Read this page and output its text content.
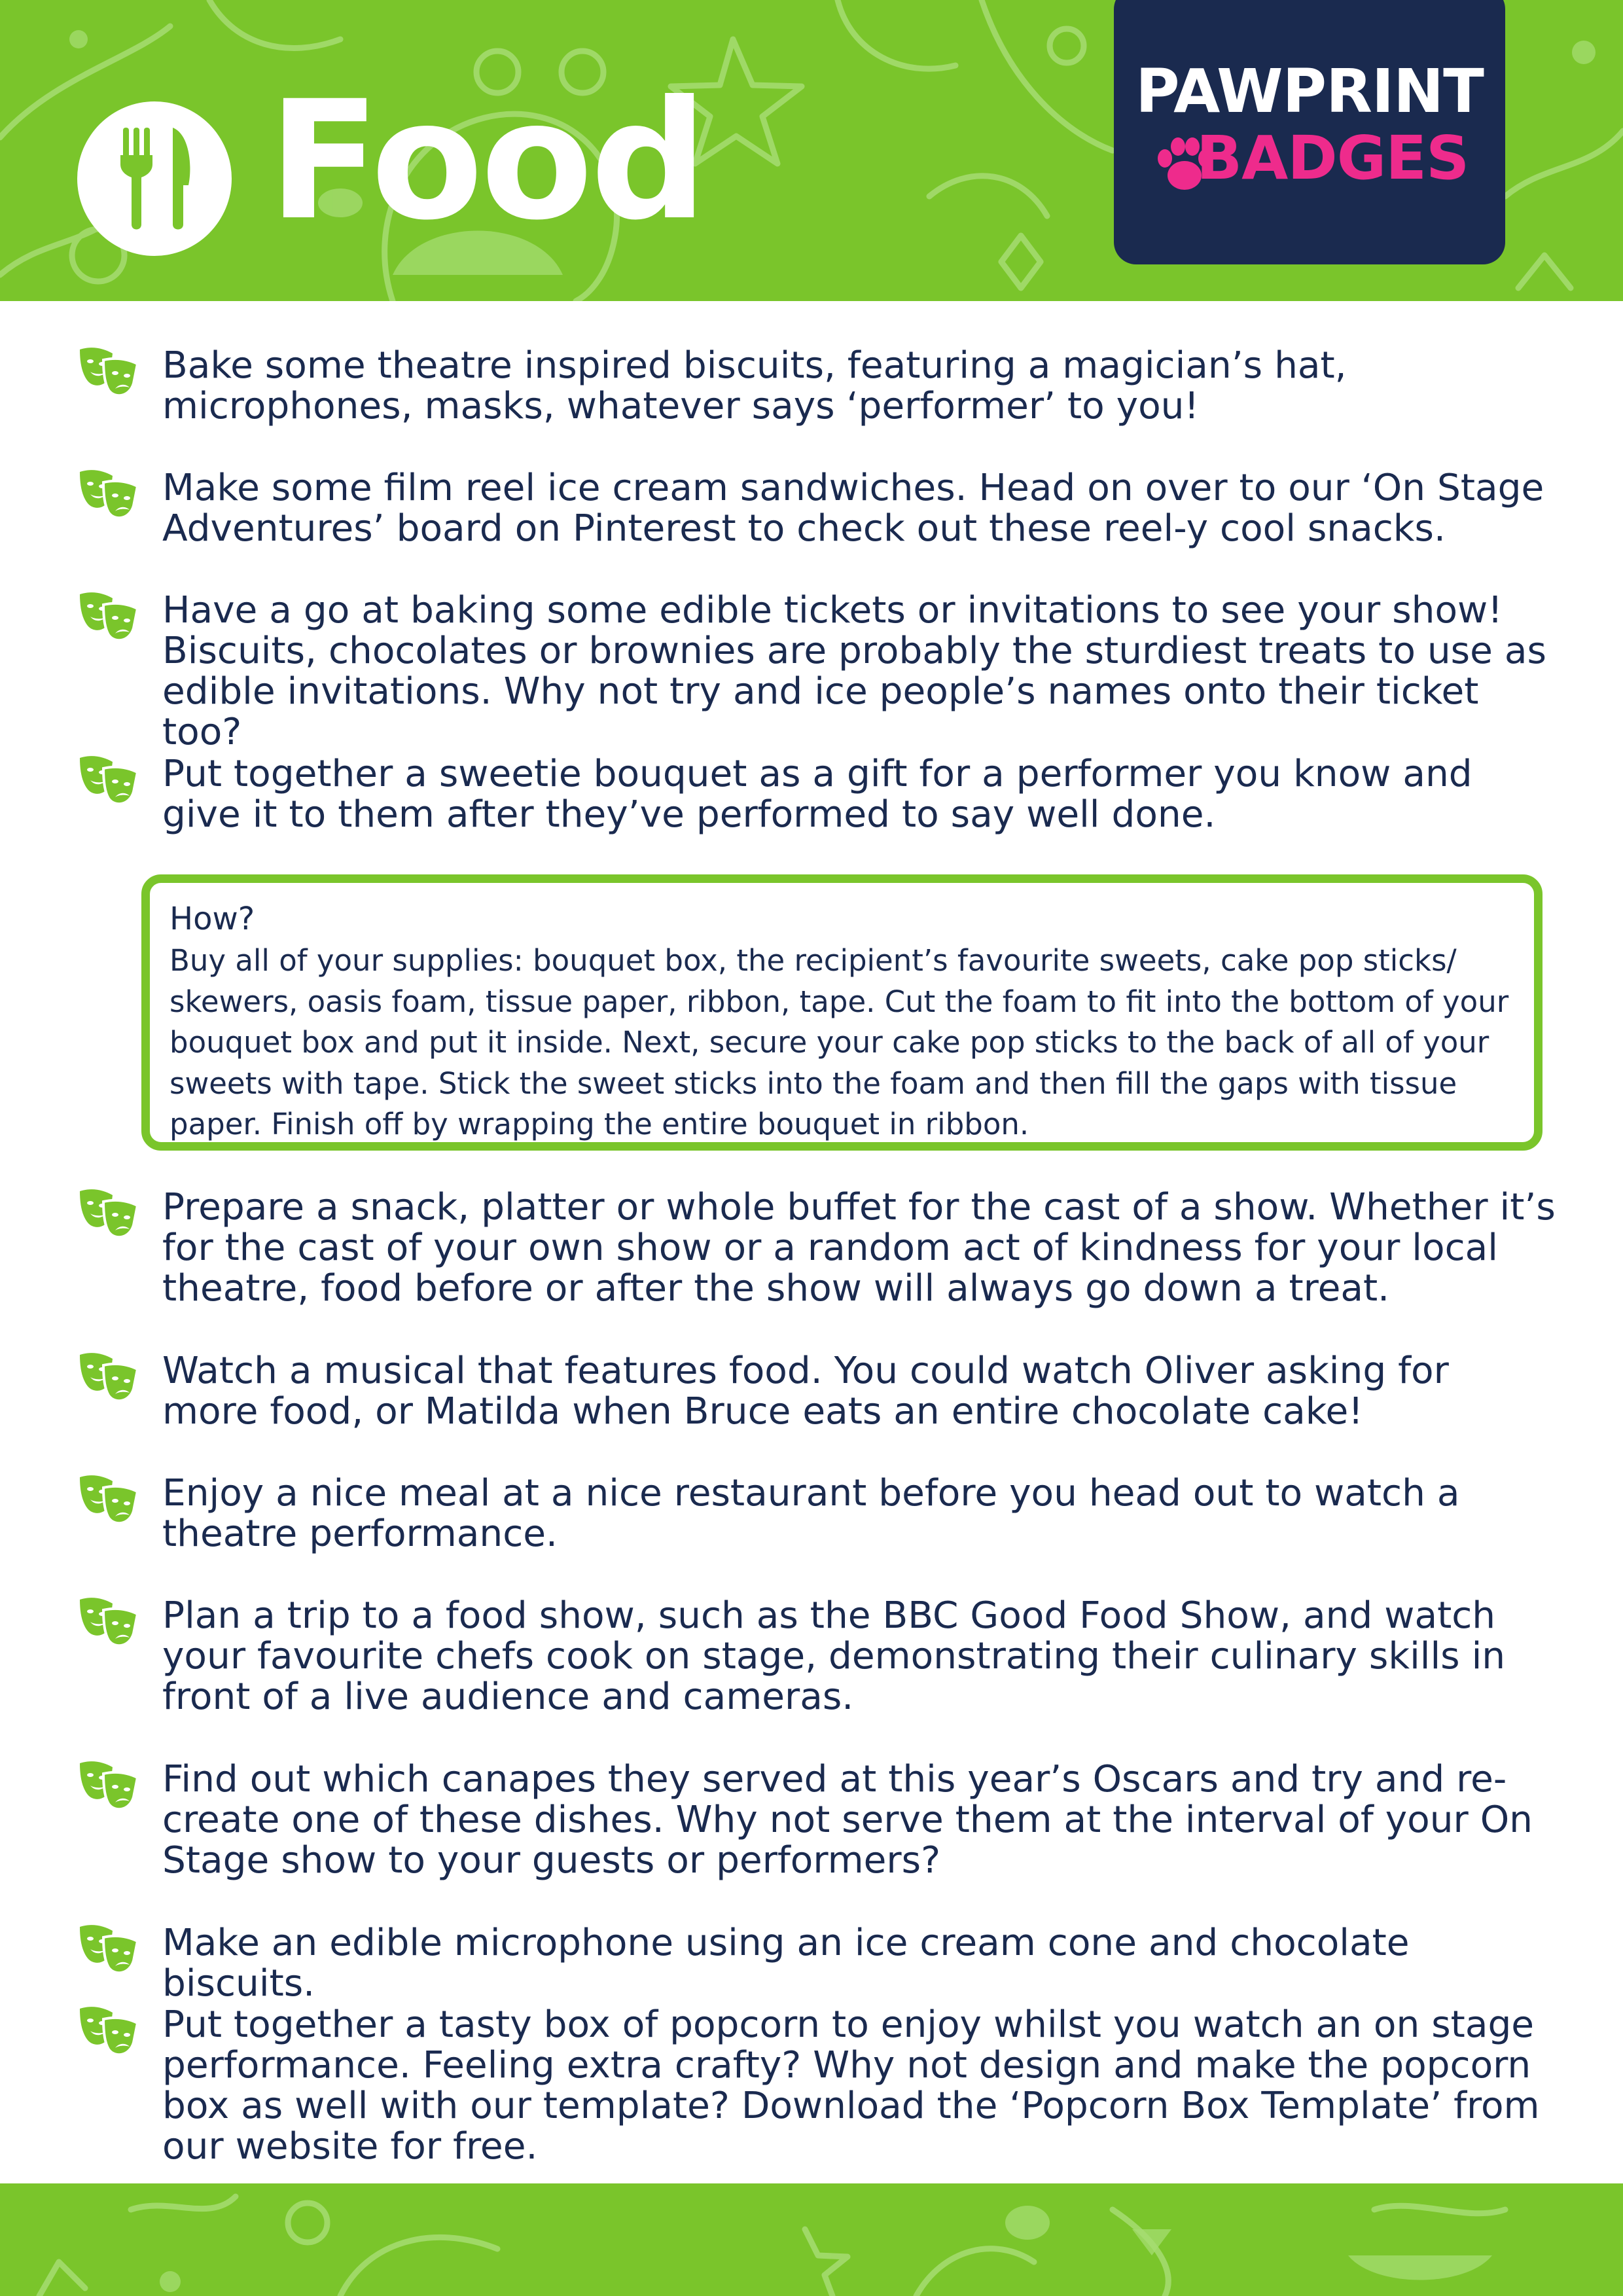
Food	PAWPRINT
BADGES
Bake some theatre inspired biscuits, featuring a magician’s hat, microphones, masks, whatever says ‘performer’ to you!
Make some film reel ice cream sandwiches. Head on over to our ‘On Stage Adventures’ board on Pinterest to check out these reel-y cool snacks.
Have a go at baking some edible tickets or invitations to see your show! Biscuits, chocolates or brownies are probably the sturdiest treats to use as edible invitations. Why not try and ice people’s names onto their ticket too?
Put together a sweetie bouquet as a gift for a performer you know and give it to them after they’ve performed to say well done.
How?
Buy all of your supplies: bouquet box, the recipient’s favourite sweets, cake pop sticks/ skewers, oasis foam, tissue paper, ribbon, tape. Cut the foam to fit into the bottom of your bouquet box and put it inside. Next, secure your cake pop sticks to the back of all of your sweets with tape. Stick the sweet sticks into the foam and then fill the gaps with tissue paper. Finish off by wrapping the entire bouquet in ribbon.
Prepare a snack, platter or whole buffet for the cast of a show. Whether it’s for the cast of your own show or a random act of kindness for your local theatre, food before or after the show will always go down a treat.
Watch a musical that features food. You could watch Oliver asking for more food, or Matilda when Bruce eats an entire chocolate cake!
Enjoy a nice meal at a nice restaurant before you head out to watch a theatre performance.
Plan a trip to a food show, such as the BBC Good Food Show, and watch your favourite chefs cook on stage, demonstrating their culinary skills in front of a live audience and cameras.
Find out which canapes they served at this year’s Oscars and try and re-create one of these dishes. Why not serve them at the interval of your On Stage show to your guests or performers?
Make an edible microphone using an ice cream cone and chocolate biscuits.
Put together a tasty box of popcorn to enjoy whilst you watch an on stage performance. Feeling extra crafty? Why not design and make the popcorn box as well with our template? Download the ‘Popcorn Box Template’ from our website for free.
